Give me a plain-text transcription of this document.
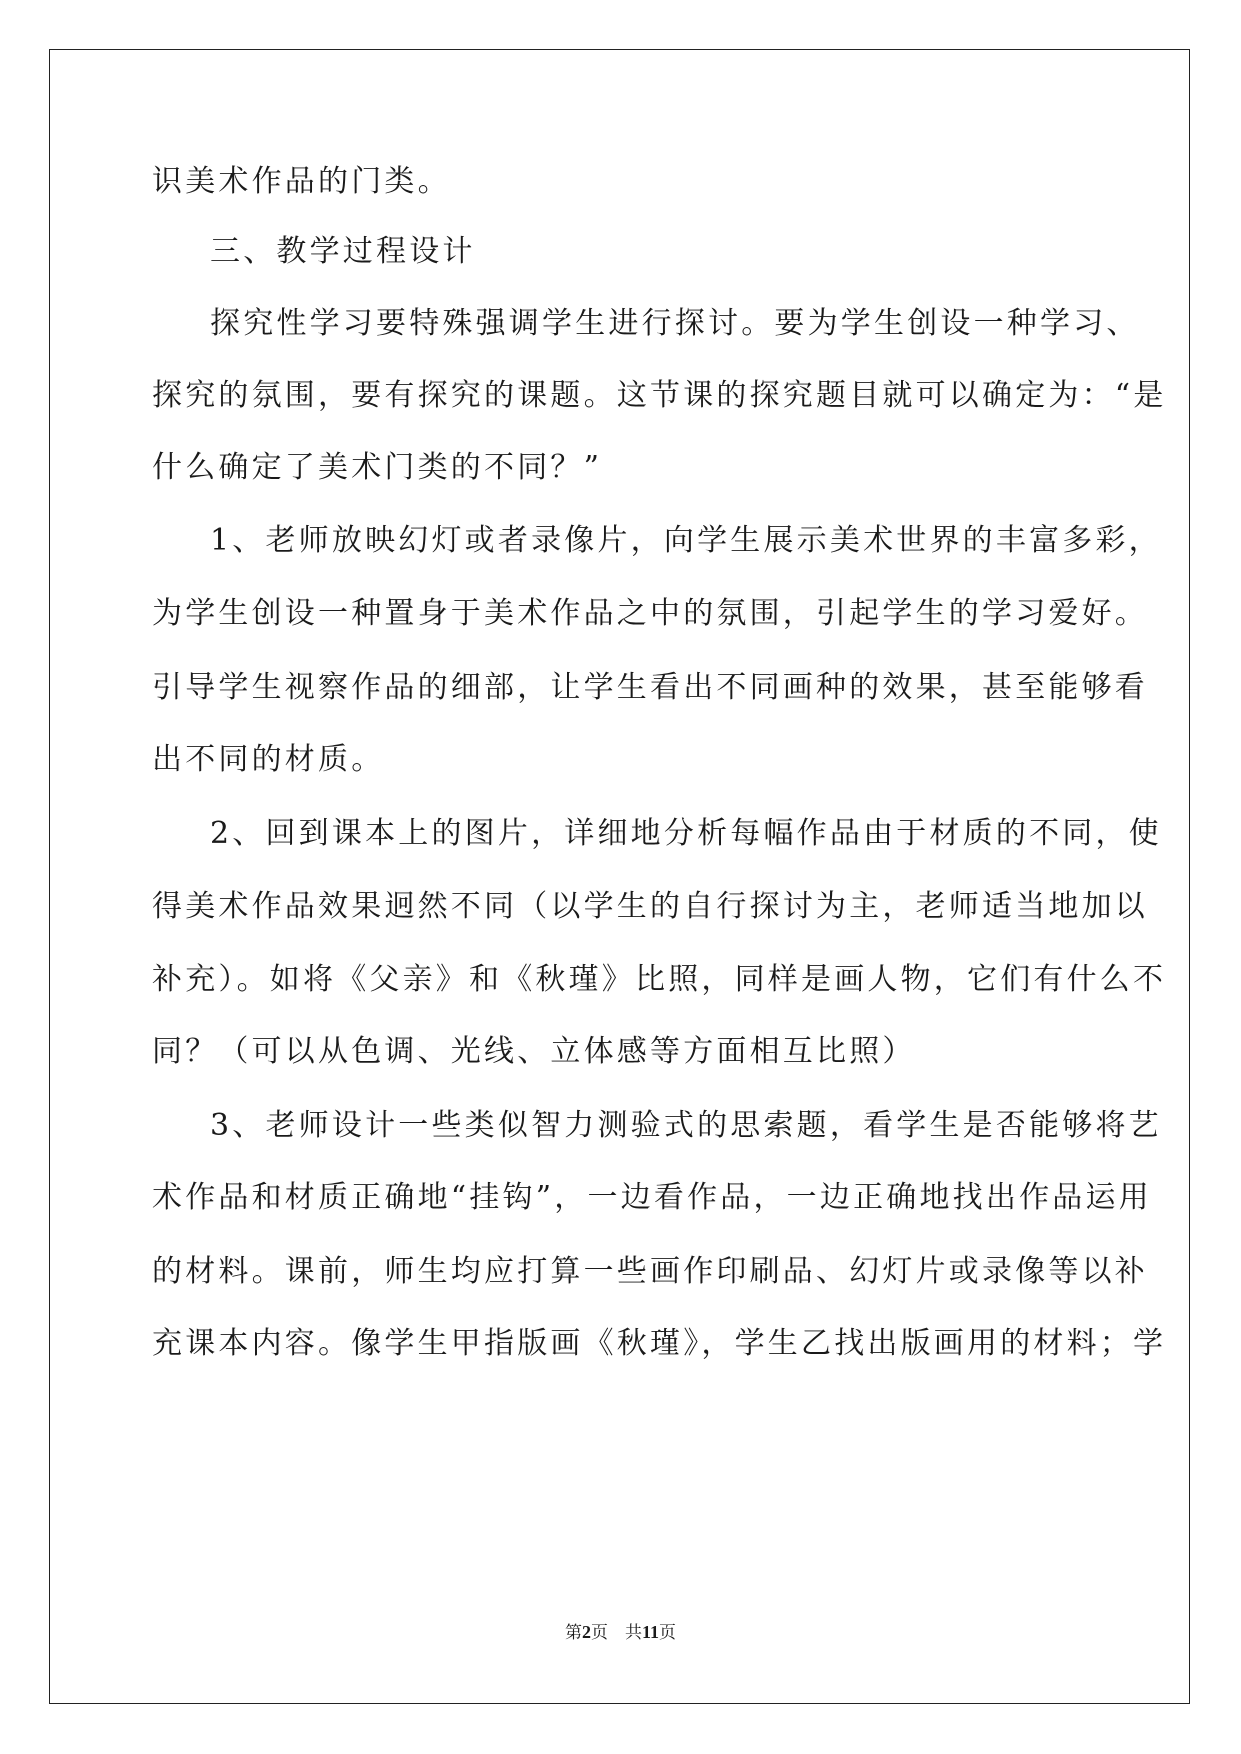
识美术作品的门类。
三、教学过程设计
探究性学习要特殊强调学生进行探讨。要为学生创设一种学习、
探究的氛围，要有探究的课题。这节课的探究题目就可以确定为：“是
什么确定了美术门类的不同？”
1、老师放映幻灯或者录像片，向学生展示美术世界的丰富多彩，
为学生创设一种置身于美术作品之中的氛围，引起学生的学习爱好。
引导学生视察作品的细部，让学生看出不同画种的效果，甚至能够看
出不同的材质。
2、回到课本上的图片，详细地分析每幅作品由于材质的不同，使
得美术作品效果迥然不同（以学生的自行探讨为主，老师适当地加以
补充）。如将《父亲》和《秋瑾》比照，同样是画人物，它们有什么不
同？（可以从色调、光线、立体感等方面相互比照）
3、老师设计一些类似智力测验式的思索题，看学生是否能够将艺
术作品和材质正确地“挂钩”，一边看作品，一边正确地找出作品运用
的材料。课前，师生均应打算一些画作印刷品、幻灯片或录像等以补
充课本内容。像学生甲指版画《秋瑾》，学生乙找出版画用的材料；学
第2页　共11页
